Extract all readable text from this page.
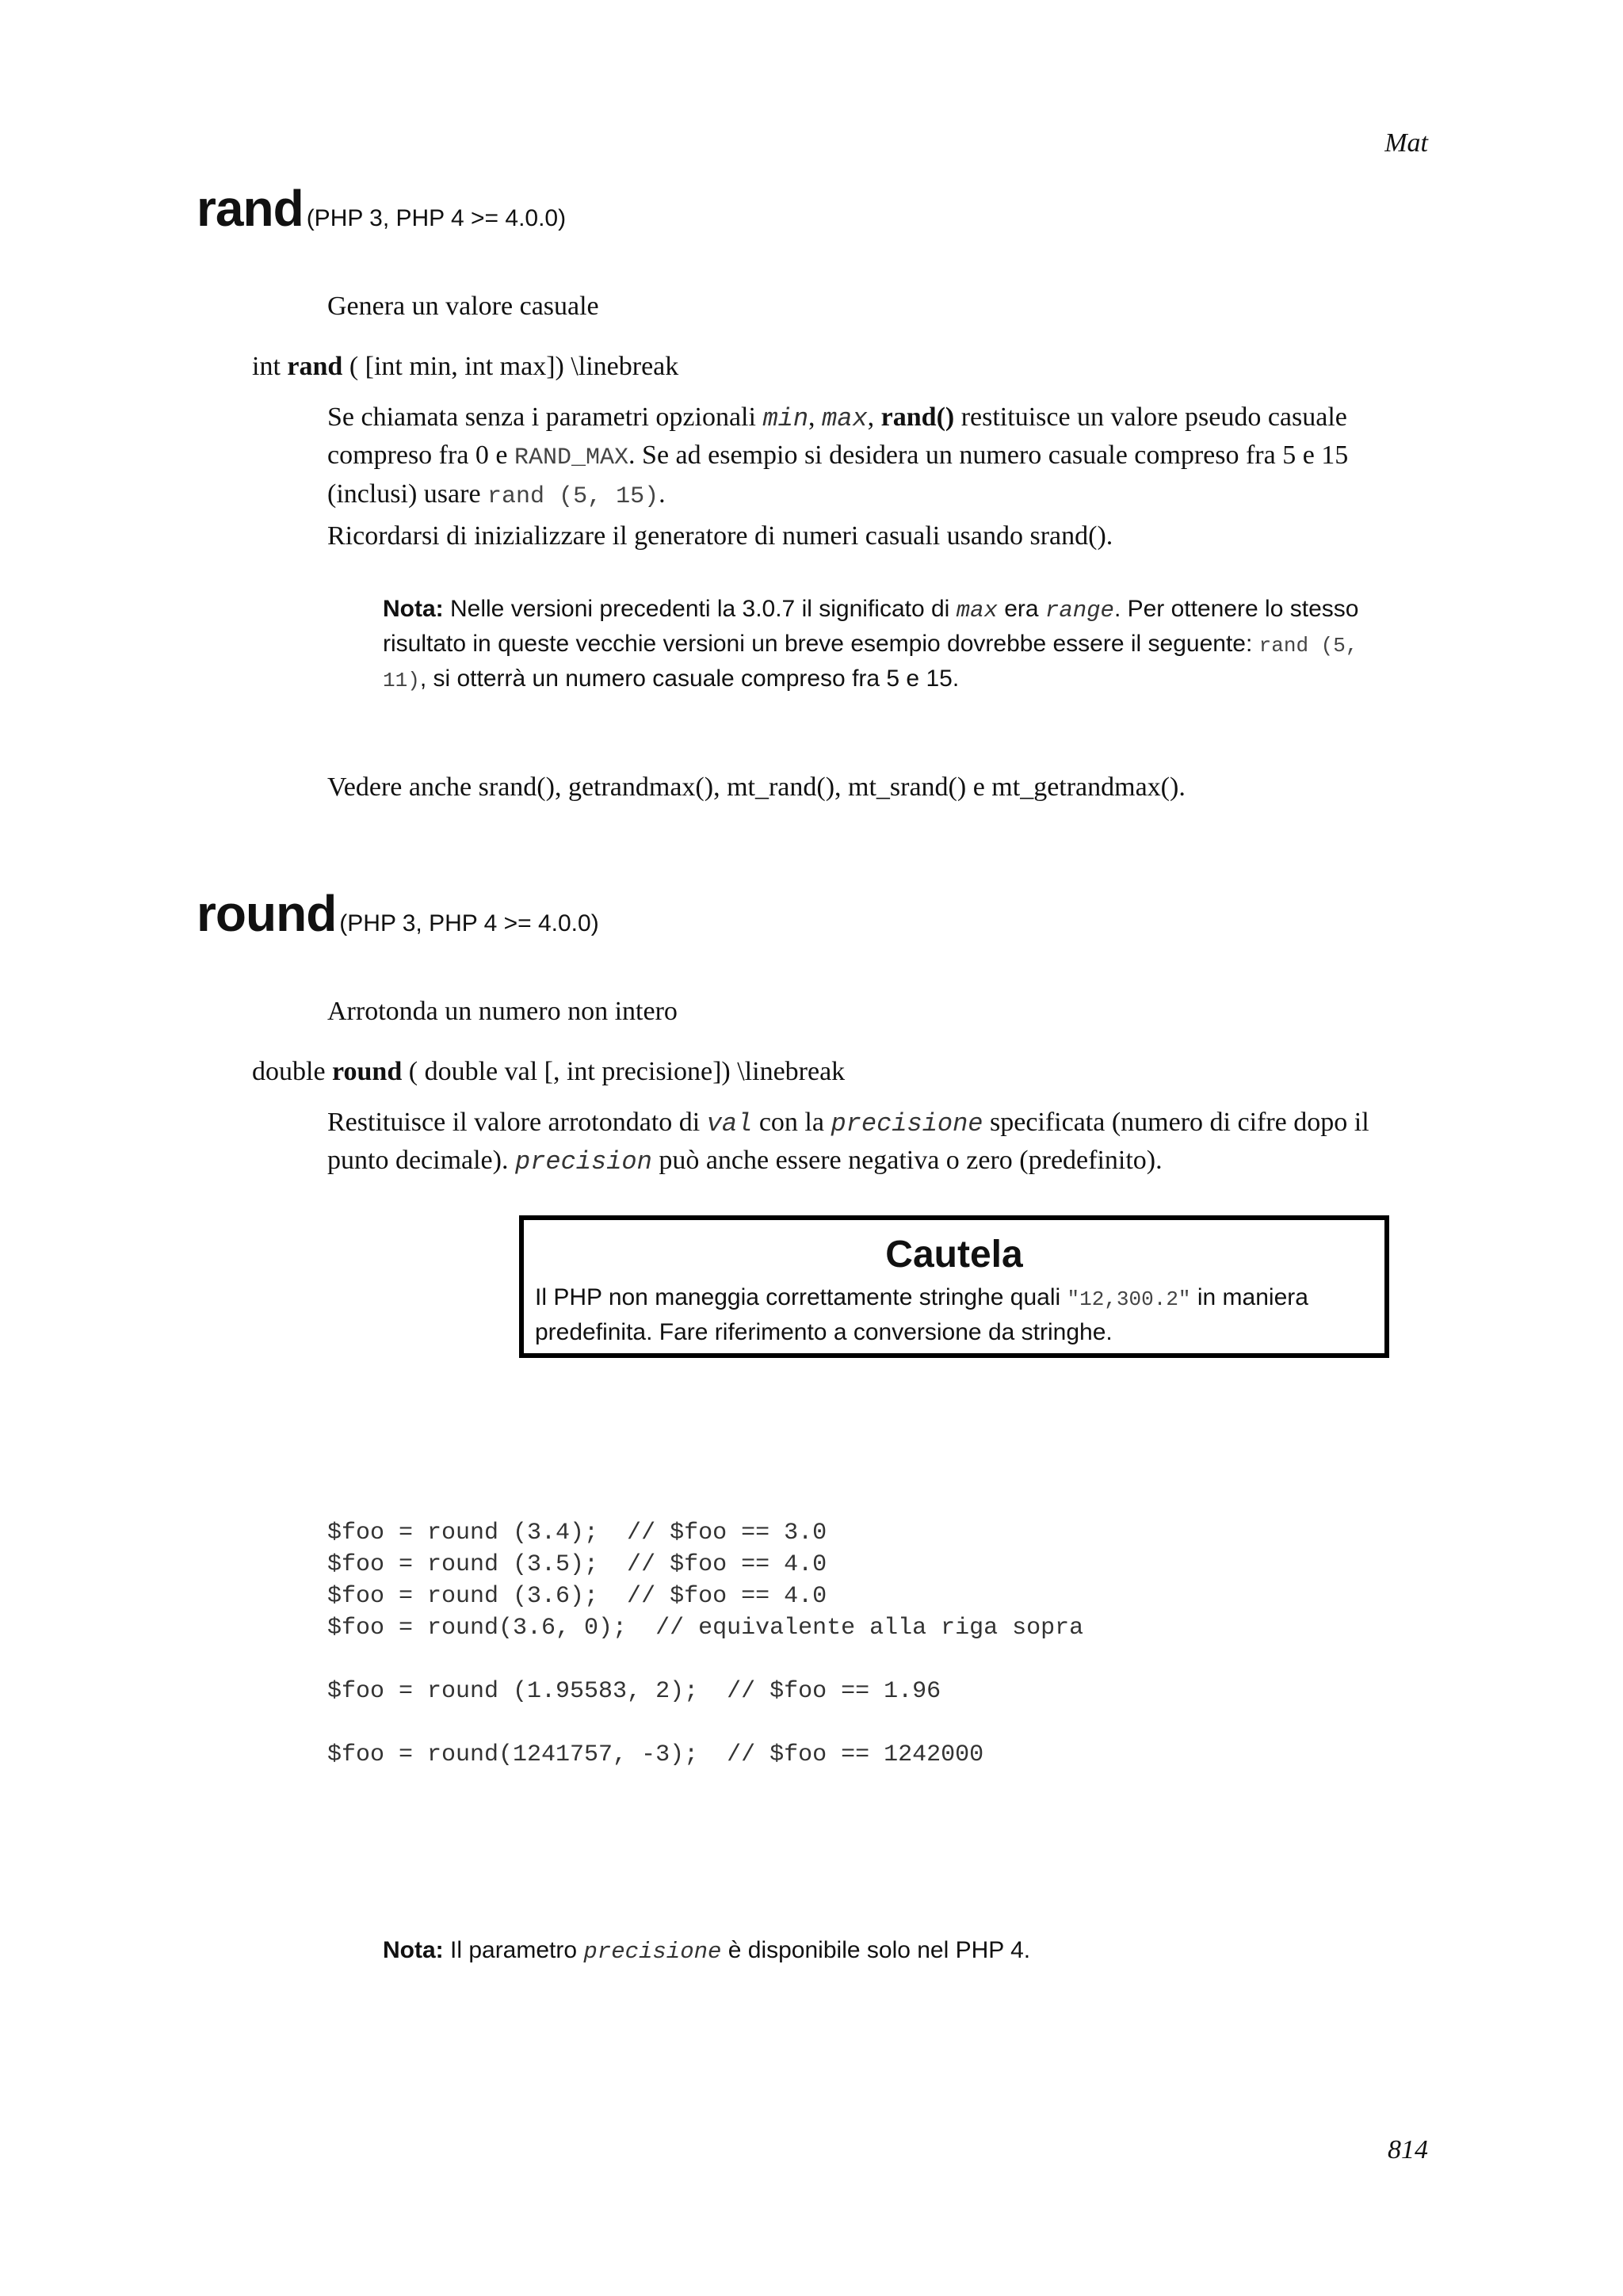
Mat
814
rand (PHP 3, PHP 4 >= 4.0.0)
Genera un valore casuale
int rand ( [int min, int max]) \linebreak
Se chiamata senza i parametri opzionali min, max, rand() restituisce un valore pseudo casuale compreso fra 0 e RAND_MAX. Se ad esempio si desidera un numero casuale compreso fra 5 e 15 (inclusi) usare rand (5, 15).
Ricordarsi di inizializzare il generatore di numeri casuali usando srand().
Nota: Nelle versioni precedenti la 3.0.7 il significato di max era range. Per ottenere lo stesso risultato in queste vecchie versioni un breve esempio dovrebbe essere il seguente: rand (5, 11), si otterrà un numero casuale compreso fra 5 e 15.
Vedere anche srand(), getrandmax(), mt_rand(), mt_srand() e mt_getrandmax().
round (PHP 3, PHP 4 >= 4.0.0)
Arrotonda un numero non intero
double round ( double val [, int precisione]) \linebreak
Restituisce il valore arrotondato di val con la precisione specificata (numero di cifre dopo il punto decimale). precision può anche essere negativa o zero (predefinito).
Cautela
Il PHP non maneggia correttamente stringhe quali "12,300.2" in maniera predefinita. Fare riferimento a conversione da stringhe.
$foo = round (3.4);  // $foo == 3.0
$foo = round (3.5);  // $foo == 4.0
$foo = round (3.6);  // $foo == 4.0
$foo = round(3.6, 0);  // equivalente alla riga sopra

$foo = round (1.95583, 2);  // $foo == 1.96

$foo = round(1241757, -3);  // $foo == 1242000
Nota: Il parametro precisione è disponibile solo nel PHP 4.
